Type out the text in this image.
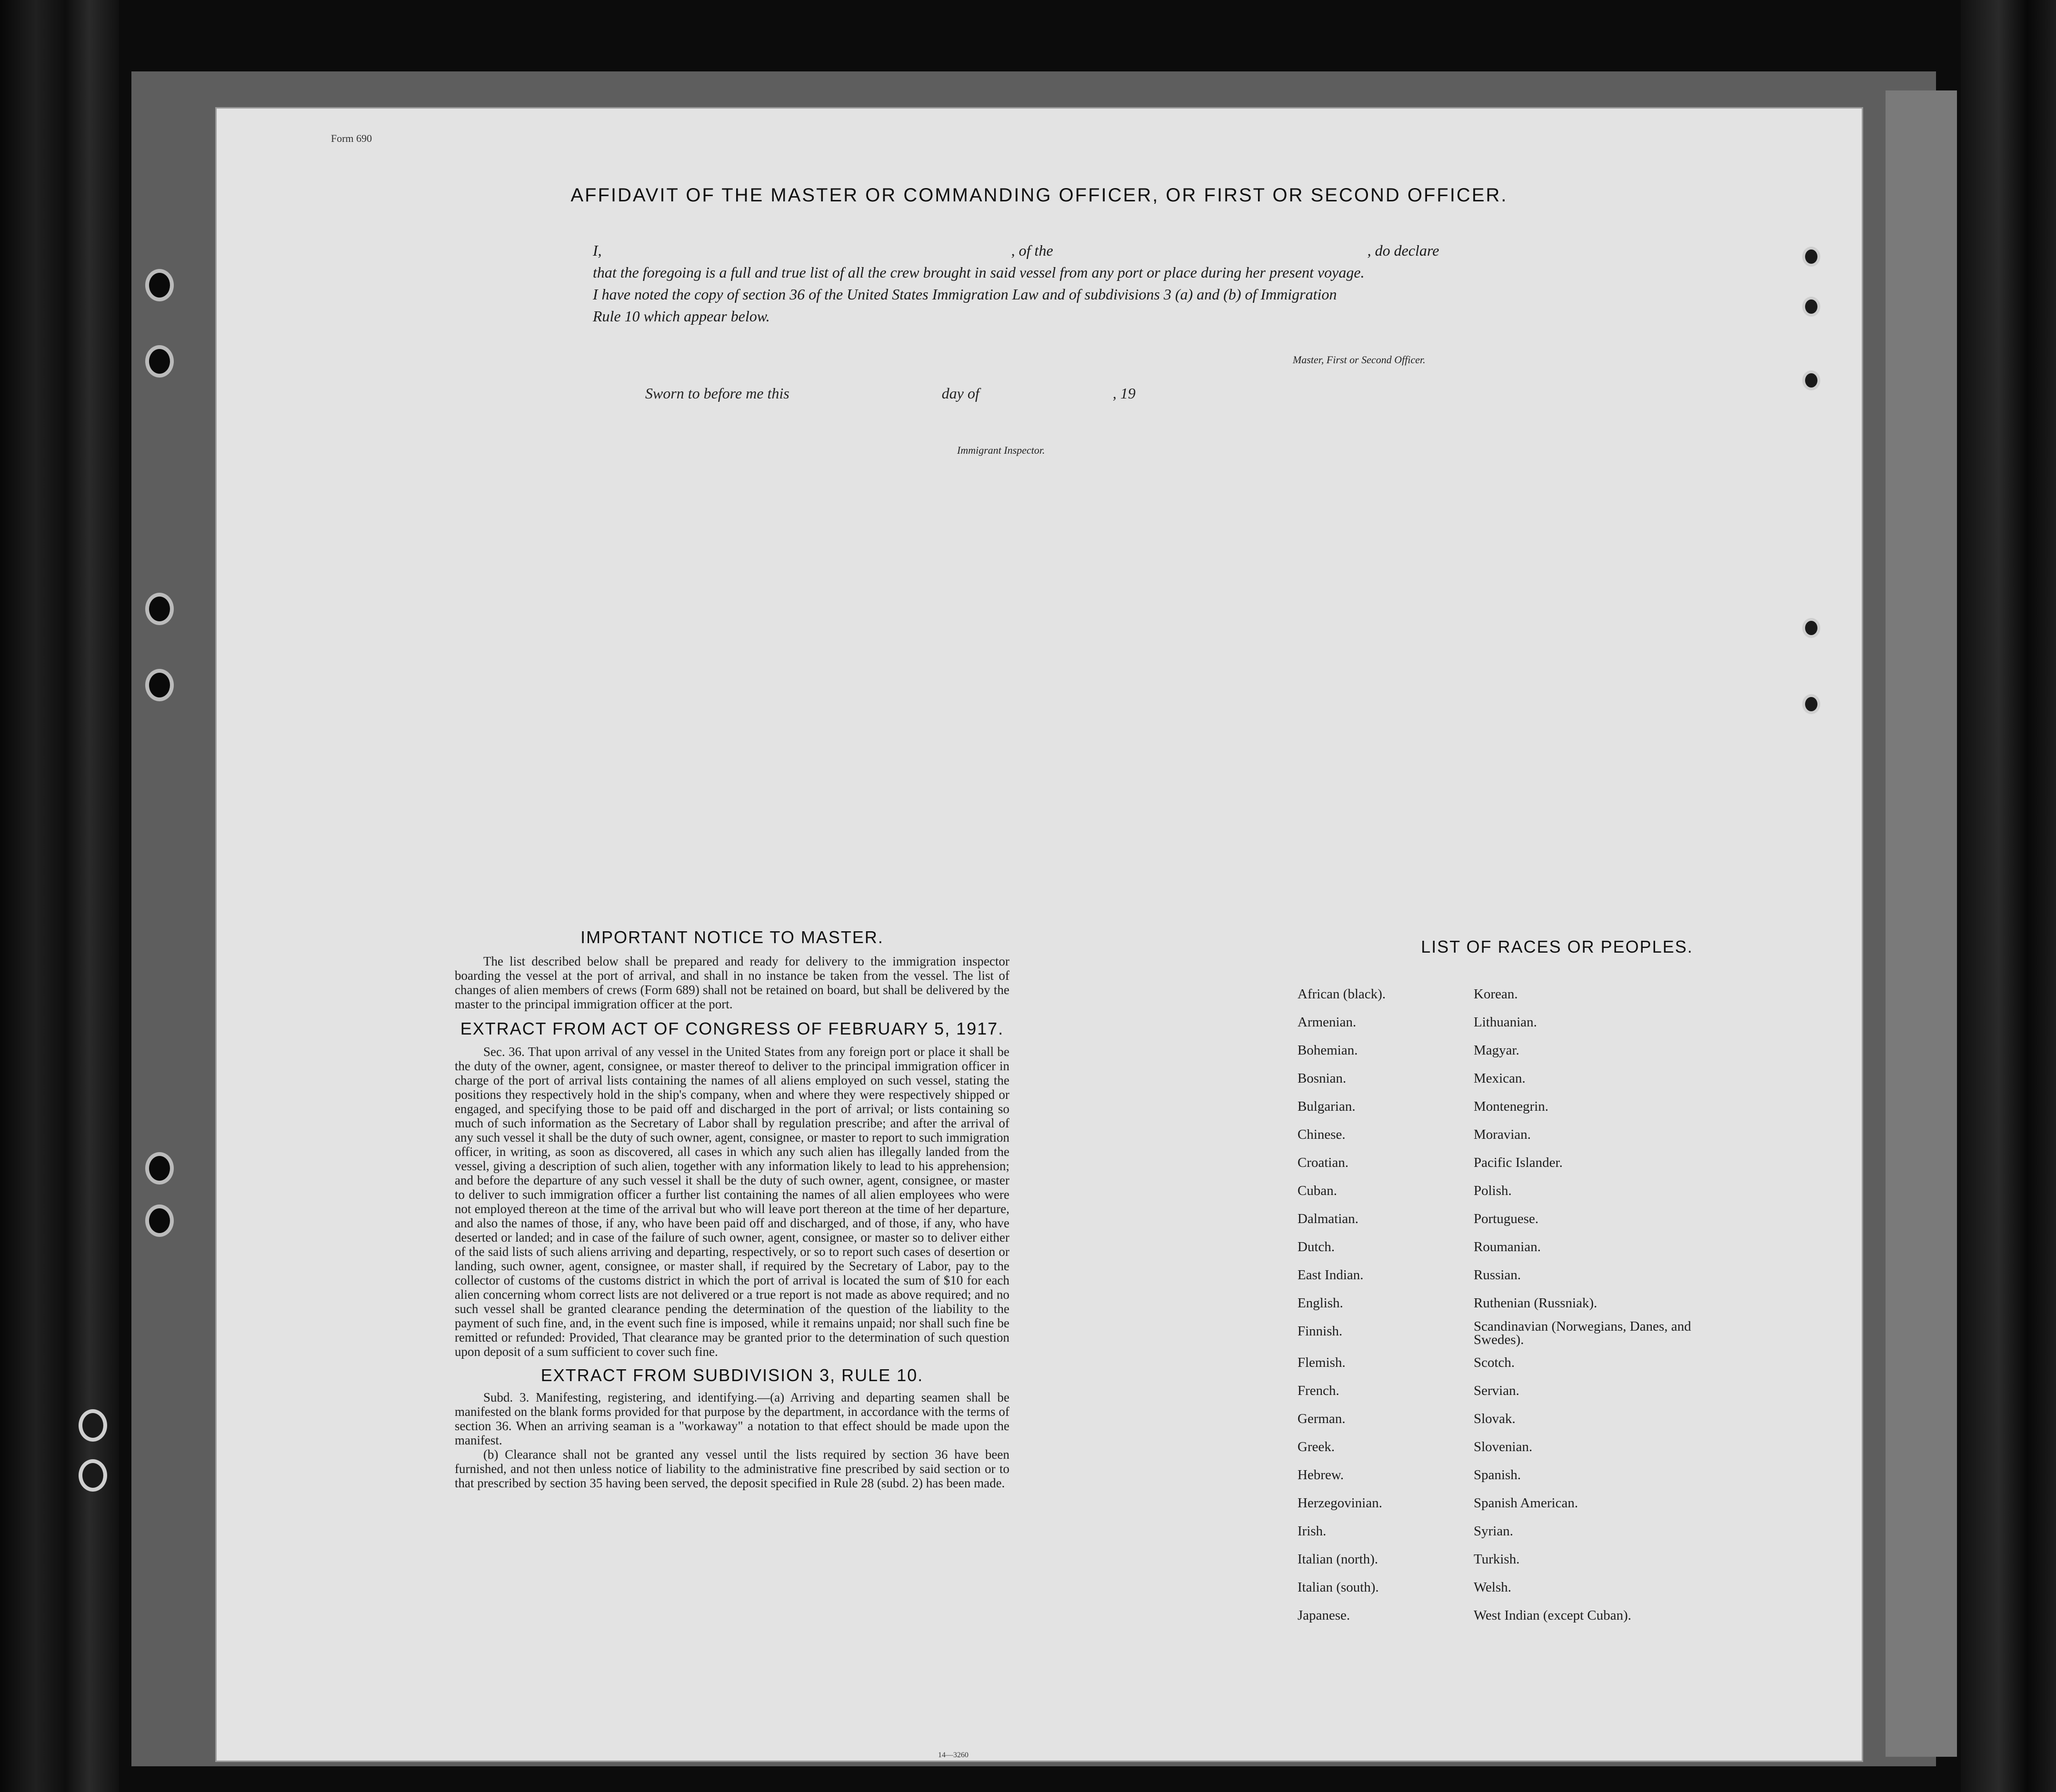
Form 690
AFFIDAVIT OF THE MASTER OR COMMANDING OFFICER, OR FIRST OR SECOND OFFICER.
I,	, of the	, do declare
that the foregoing is a full and true list of all the crew brought in said vessel from any port or place during her present voyage.
I have noted the copy of section 36 of the United States Immigration Law and of subdivisions 3 (a) and (b) of Immigration
Rule 10 which appear below.
Master, First or Second Officer.
Sworn to before me this	day of	, 19
Immigrant Inspector.
IMPORTANT NOTICE TO MASTER.
The list described below shall be prepared and ready for delivery to the immigration inspector boarding the vessel at the port of arrival, and shall in no instance be taken from the vessel. The list of changes of alien members of crews (Form 689) shall not be retained on board, but shall be delivered by the master to the principal immigration officer at the port.
EXTRACT FROM ACT OF CONGRESS OF FEBRUARY 5, 1917.
Sec. 36. That upon arrival of any vessel in the United States from any foreign port or place it shall be the duty of the owner, agent, consignee, or master thereof to deliver to the principal immigration officer in charge of the port of arrival lists containing the names of all aliens employed on such vessel, stating the positions they respectively hold in the ship's company, when and where they were respectively shipped or engaged, and specifying those to be paid off and discharged in the port of arrival; or lists containing so much of such information as the Secretary of Labor shall by regulation prescribe; and after the arrival of any such vessel it shall be the duty of such owner, agent, consignee, or master to report to such immigration officer, in writing, as soon as discovered, all cases in which any such alien has illegally landed from the vessel, giving a description of such alien, together with any information likely to lead to his apprehension; and before the departure of any such vessel it shall be the duty of such owner, agent, consignee, or master to deliver to such immigration officer a further list containing the names of all alien employees who were not employed thereon at the time of the arrival but who will leave port thereon at the time of her departure, and also the names of those, if any, who have been paid off and discharged, and of those, if any, who have deserted or landed; and in case of the failure of such owner, agent, consignee, or master so to deliver either of the said lists of such aliens arriving and departing, respectively, or so to report such cases of desertion or landing, such owner, agent, consignee, or master shall, if required by the Secretary of Labor, pay to the collector of customs of the customs district in which the port of arrival is located the sum of $10 for each alien concerning whom correct lists are not delivered or a true report is not made as above required; and no such vessel shall be granted clearance pending the determination of the question of the liability to the payment of such fine, and, in the event such fine is imposed, while it remains unpaid; nor shall such fine be remitted or refunded: Provided, That clearance may be granted prior to the determination of such question upon deposit of a sum sufficient to cover such fine.
EXTRACT FROM SUBDIVISION 3, RULE 10.
Subd. 3. Manifesting, registering, and identifying.—(a) Arriving and departing seamen shall be manifested on the blank forms provided for that purpose by the department, in accordance with the terms of section 36. When an arriving seaman is a "workaway" a notation to that effect should be made upon the manifest.
(b) Clearance shall not be granted any vessel until the lists required by section 36 have been furnished, and not then unless notice of liability to the administrative fine prescribed by said section or to that prescribed by section 35 having been served, the deposit specified in Rule 28 (subd. 2) has been made.
LIST OF RACES OR PEOPLES.
African (black).	Korean.
Armenian.	Lithuanian.
Bohemian.	Magyar.
Bosnian.	Mexican.
Bulgarian.	Montenegrin.
Chinese.	Moravian.
Croatian.	Pacific Islander.
Cuban.	Polish.
Dalmatian.	Portuguese.
Dutch.	Roumanian.
East Indian.	Russian.
English.	Ruthenian (Russniak).
Finnish.	Scandinavian (Norwegians, Danes, and Swedes).
Flemish.	Scotch.
French.	Servian.
German.	Slovak.
Greek.	Slovenian.
Hebrew.	Spanish.
Herzegovinian.	Spanish American.
Irish.	Syrian.
Italian (north).	Turkish.
Italian (south).	Welsh.
Japanese.	West Indian (except Cuban).
14—3260
